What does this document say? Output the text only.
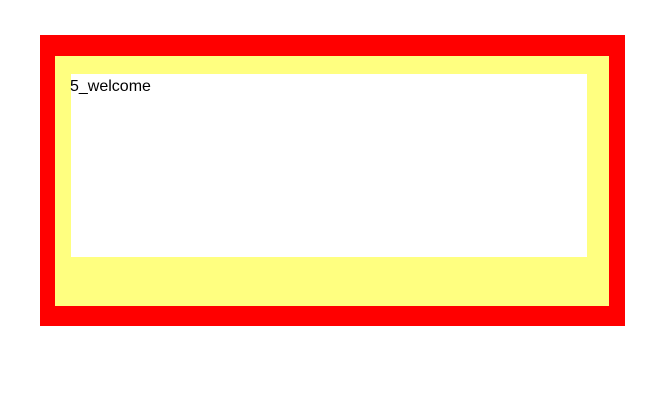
5_welcome
